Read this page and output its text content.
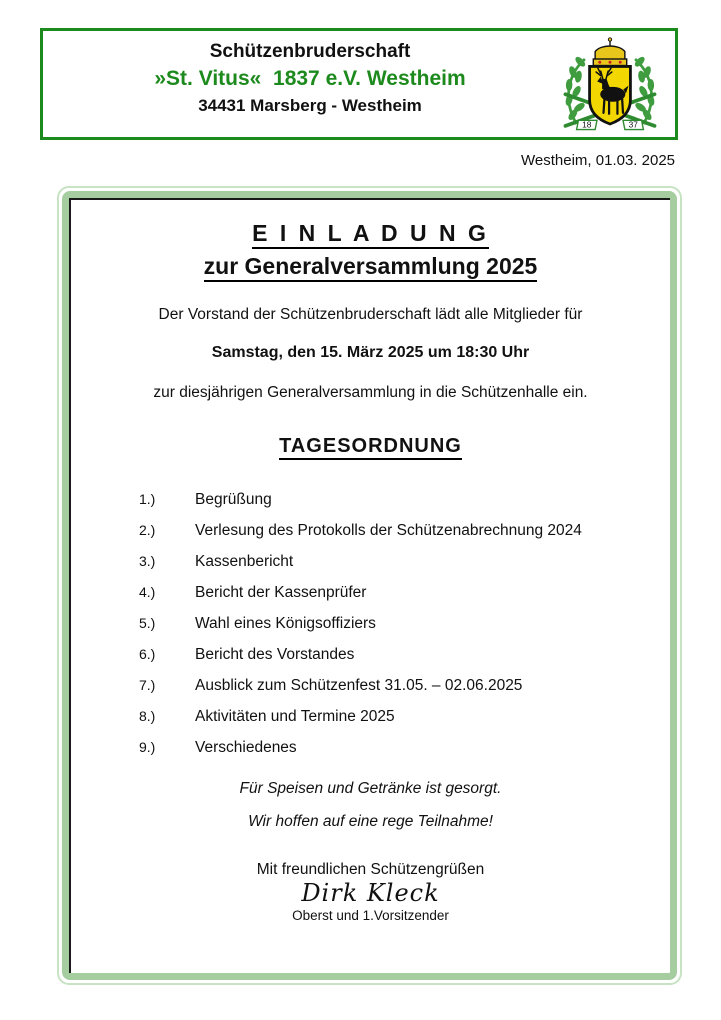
Schützenbruderschaft
»St. Vitus«  1837 e.V. Westheim
34431 Marsberg - Westheim
18	37
Westheim, 01.03. 2025
E I N L A D U N G
zur Generalversammlung 2025
Der Vorstand der Schützenbruderschaft lädt alle Mitglieder für
Samstag, den 15. März 2025 um 18:30 Uhr
zur diesjährigen Generalversammlung in die Schützenhalle ein.
TAGESORDNUNG
1.)	Begrüßung
2.)	Verlesung des Protokolls der Schützenabrechnung 2024
3.)	Kassenbericht
4.)	Bericht der Kassenprüfer
5.)	Wahl eines Königsoffiziers
6.)	Bericht des Vorstandes
7.)	Ausblick zum Schützenfest 31.05. – 02.06.2025
8.)	Aktivitäten und Termine 2025
9.)	Verschiedenes
Für Speisen und Getränke ist gesorgt.
Wir hoffen auf eine rege Teilnahme!
Mit freundlichen Schützengrüßen
Dirk Kleck
Oberst und 1.Vorsitzender
